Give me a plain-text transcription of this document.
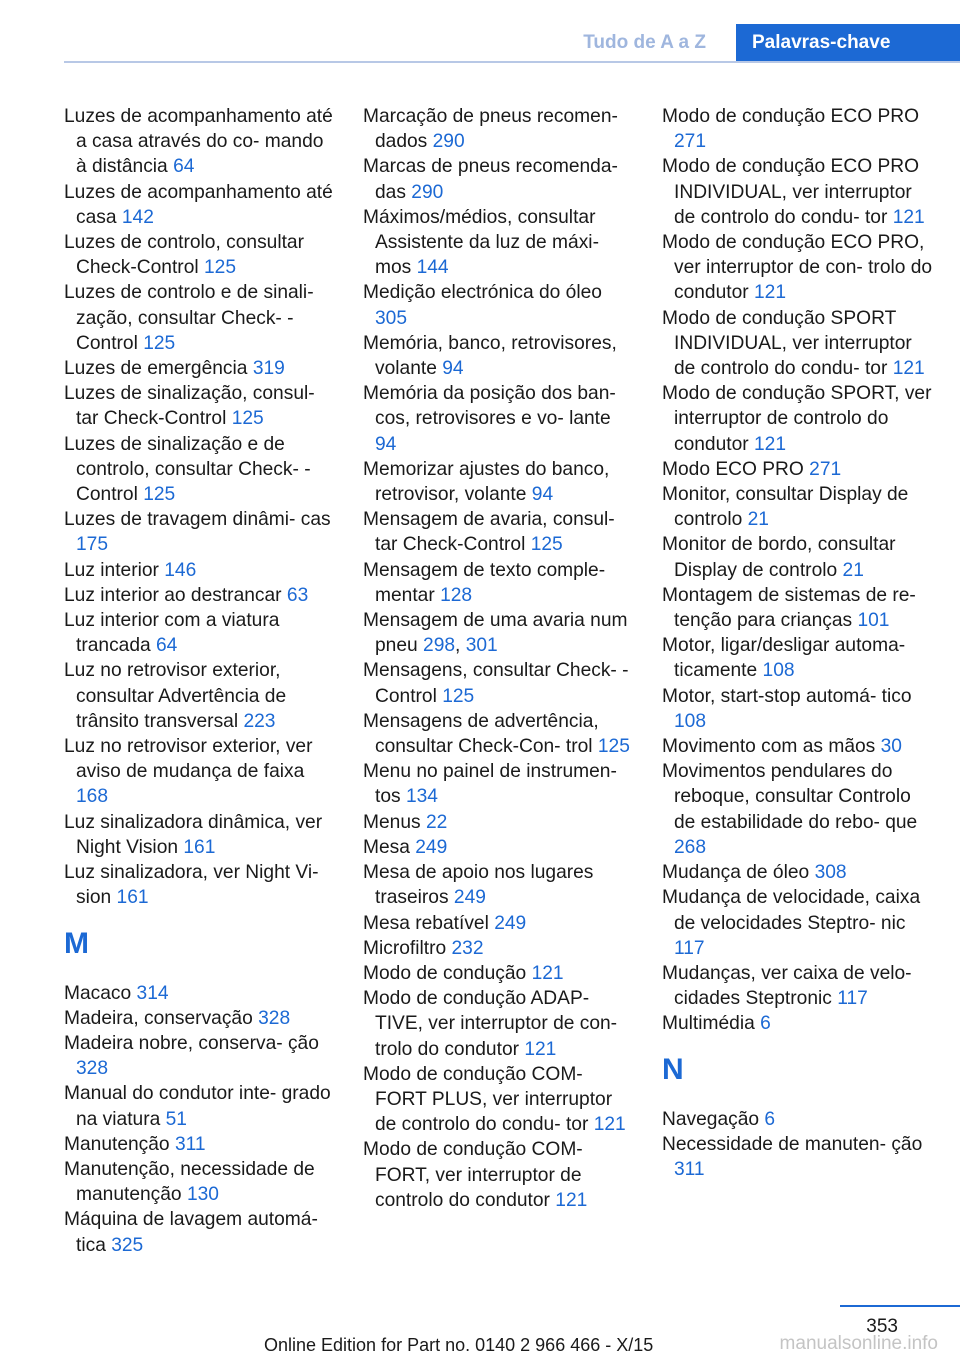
Tudo de A a Z	Palavras-chave
Luzes de acompanhamento até a casa através do co- mando à distância 64
Luzes de acompanhamento até casa 142
Luzes de controlo, consultar Check-Control 125
Luzes de controlo e de sinali- zação, consultar Check- -Control 125
Luzes de emergência 319
Luzes de sinalização, consul- tar Check-Control 125
Luzes de sinalização e de controlo, consultar Check- -Control 125
Luzes de travagem dinâmi- cas 175
Luz interior 146
Luz interior ao destrancar 63
Luz interior com a viatura trancada 64
Luz no retrovisor exterior, consultar Advertência de trânsito transversal 223
Luz no retrovisor exterior, ver aviso de mudança de faixa 168
Luz sinalizadora dinâmica, ver Night Vision 161
Luz sinalizadora, ver Night Vi- sion 161
M
Macaco 314
Madeira, conservação 328
Madeira nobre, conserva- ção 328
Manual do condutor inte- grado na viatura 51
Manutenção 311
Manutenção, necessidade de manutenção 130
Máquina de lavagem automá- tica 325
Marcação de pneus recomen- dados 290
Marcas de pneus recomenda- das 290
Máximos/médios, consultar Assistente da luz de máxi- mos 144
Medição electrónica do óleo 305
Memória, banco, retrovisores, volante 94
Memória da posição dos ban- cos, retrovisores e vo- lante 94
Memorizar ajustes do banco, retrovisor, volante 94
Mensagem de avaria, consul- tar Check-Control 125
Mensagem de texto comple- mentar 128
Mensagem de uma avaria num pneu 298, 301
Mensagens, consultar Check- -Control 125
Mensagens de advertência, consultar Check-Con- trol 125
Menu no painel de instrumen- tos 134
Menus 22
Mesa 249
Mesa de apoio nos lugares traseiros 249
Mesa rebatível 249
Microfiltro 232
Modo de condução 121
Modo de condução ADAP- TIVE, ver interruptor de con- trolo do condutor 121
Modo de condução COM- FORT PLUS, ver interruptor de controlo do condu- tor 121
Modo de condução COM- FORT, ver interruptor de controlo do condutor 121
Modo de condução ECO PRO 271
Modo de condução ECO PRO INDIVIDUAL, ver interruptor de controlo do condu- tor 121
Modo de condução ECO PRO, ver interruptor de con- trolo do condutor 121
Modo de condução SPORT INDIVIDUAL, ver interruptor de controlo do condu- tor 121
Modo de condução SPORT, ver interruptor de controlo do condutor 121
Modo ECO PRO 271
Monitor, consultar Display de controlo 21
Monitor de bordo, consultar Display de controlo 21
Montagem de sistemas de re- tenção para crianças 101
Motor, ligar/desligar automa- ticamente 108
Motor, start-stop automá- tico 108
Movimento com as mãos 30
Movimentos pendulares do reboque, consultar Controlo de estabilidade do rebo- que 268
Mudança de óleo 308
Mudança de velocidade, caixa de velocidades Steptro- nic 117
Mudanças, ver caixa de velo- cidades Steptronic 117
Multimédia 6
N
Navegação 6
Necessidade de manuten- ção 311
353
Online Edition for Part no. 0140 2 966 466 - X/15	manualsonline.info
